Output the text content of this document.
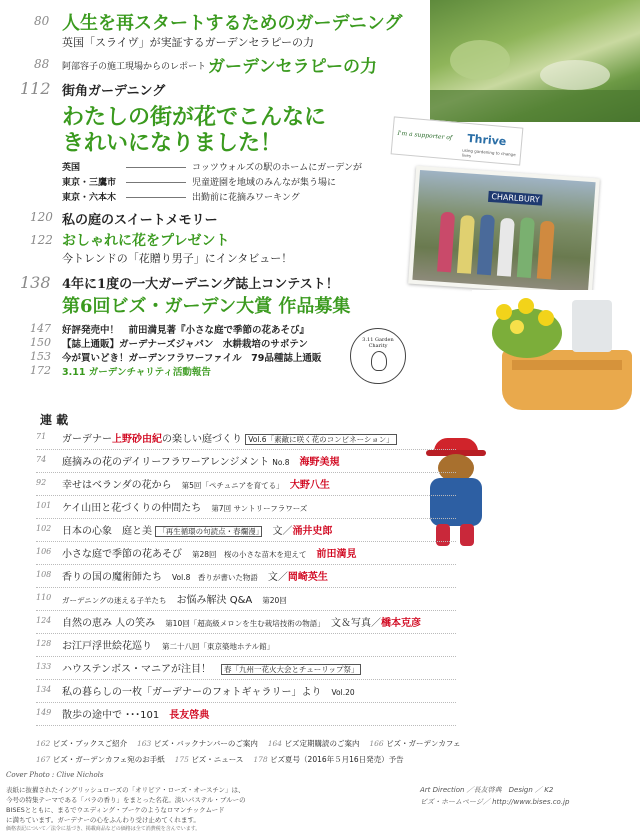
I'm a supporter of Thrive
using gardening to change lives
CHARLBURY
80 人生を再スタートするためのガーデニング
英国「スライヴ」が実証するガーデンセラピーの力
88 阿部容子の施工現場からのレポート ガーデンセラピーの力
112 街角ガーデニング
わたしの街が花でこんなに
きれいになりました！
英国	コッツウォルズの駅のホームにガーデンが
東京・三鷹市	児童遊園を地域のみんなが集う場に
東京・六本木	出勤前に花摘みワーキング
120 私の庭のスイートメモリー
122 おしゃれに花をプレゼント
今トレンドの「花贈り男子」にインタビュー！
138 4年に1度の一大ガーデニング誌上コンテスト！
第6回ビズ・ガーデン大賞 作品募集
147 好評発売中！　前田満見著『小さな庭で季節の花あそび』
150 【誌上通販】ガーデナーズジャパン　水耕栽培のサボテン
153 今が買いどき！ガーデンフラワーファイル　79品種誌上通販
172 3.11 ガーデンチャリティ活動報告
3.11 Garden Charity
連 載
71 ガーデナー上野砂由紀の楽しい庭づくり Vol.6「素敵に咲く花のコンビネーション」
74 庭摘みの花のデイリーフラワーアレンジメント No.8　 海野美規
92 幸せはベランダの花から　 第5回「ペチュニアを育てる」　 大野八生
101 ケイ山田と花づくりの仲間たち　 第7回 サントリーフラワーズ
102 日本の心象　庭と美 「再生循環の句読点・春爛漫」　 文／涌井史郎
106 小さな庭で季節の花あそび　 第28回　桜の小さな苗木を迎えて　 前田満見
108 香りの国の魔術師たち　 Vol.8　香りが書いた物語　 文／岡崎英生
110 ガーデニングの迷える子羊たち　 お悩み解決 Q&A　 第20回
124 自然の恵み 人の笑み　 第10回「超高級メロンを生む栽培技術の物語」　 文＆写真／橋本克彦
128 お江戸浮世絵花巡り　 第二十八回「東京築地ホテル館」
133 ハウステンボス・マニアが注目！　 春「九州一花火大会とチューリップ祭」
134 私の暮らしの一枚「ガーデナーのフォトギャラリー」より　 Vol.20
149 散歩の途中で ･･･101　 長友啓典
162 ビズ・ブックスご紹介　 163 ビズ・バックナンバーのご案内　 164 ビズ定期購読のご案内　 166 ビズ・ガーデンカフェ
167 ビズ・ガーデンカフェ宛のお手紙　 175 ビズ・ニュース　 178 ビズ夏号（2016年５月16日発売）予告
Cover Photo : Clive Nichols
表紙に抜擢されたイングリッシュローズの「オリビア・ローズ・オースチン」は、
今号の特集テーマである「バラの香り」をまとった名花。淡いパステル・ブルーの
BISESとともに、まるでウエディング・ブーケのようなロマンチックムード
に満ちています。ガーデナーの心をふんわり受け止めてくれます。
価格表記について／法令に基づき、掲載商品などの価格は全て消費税を含んでいます。
Art Direction ／長友啓典　Design ／ K2
ビズ・ホームページ／ http://www.bises.co.jp
